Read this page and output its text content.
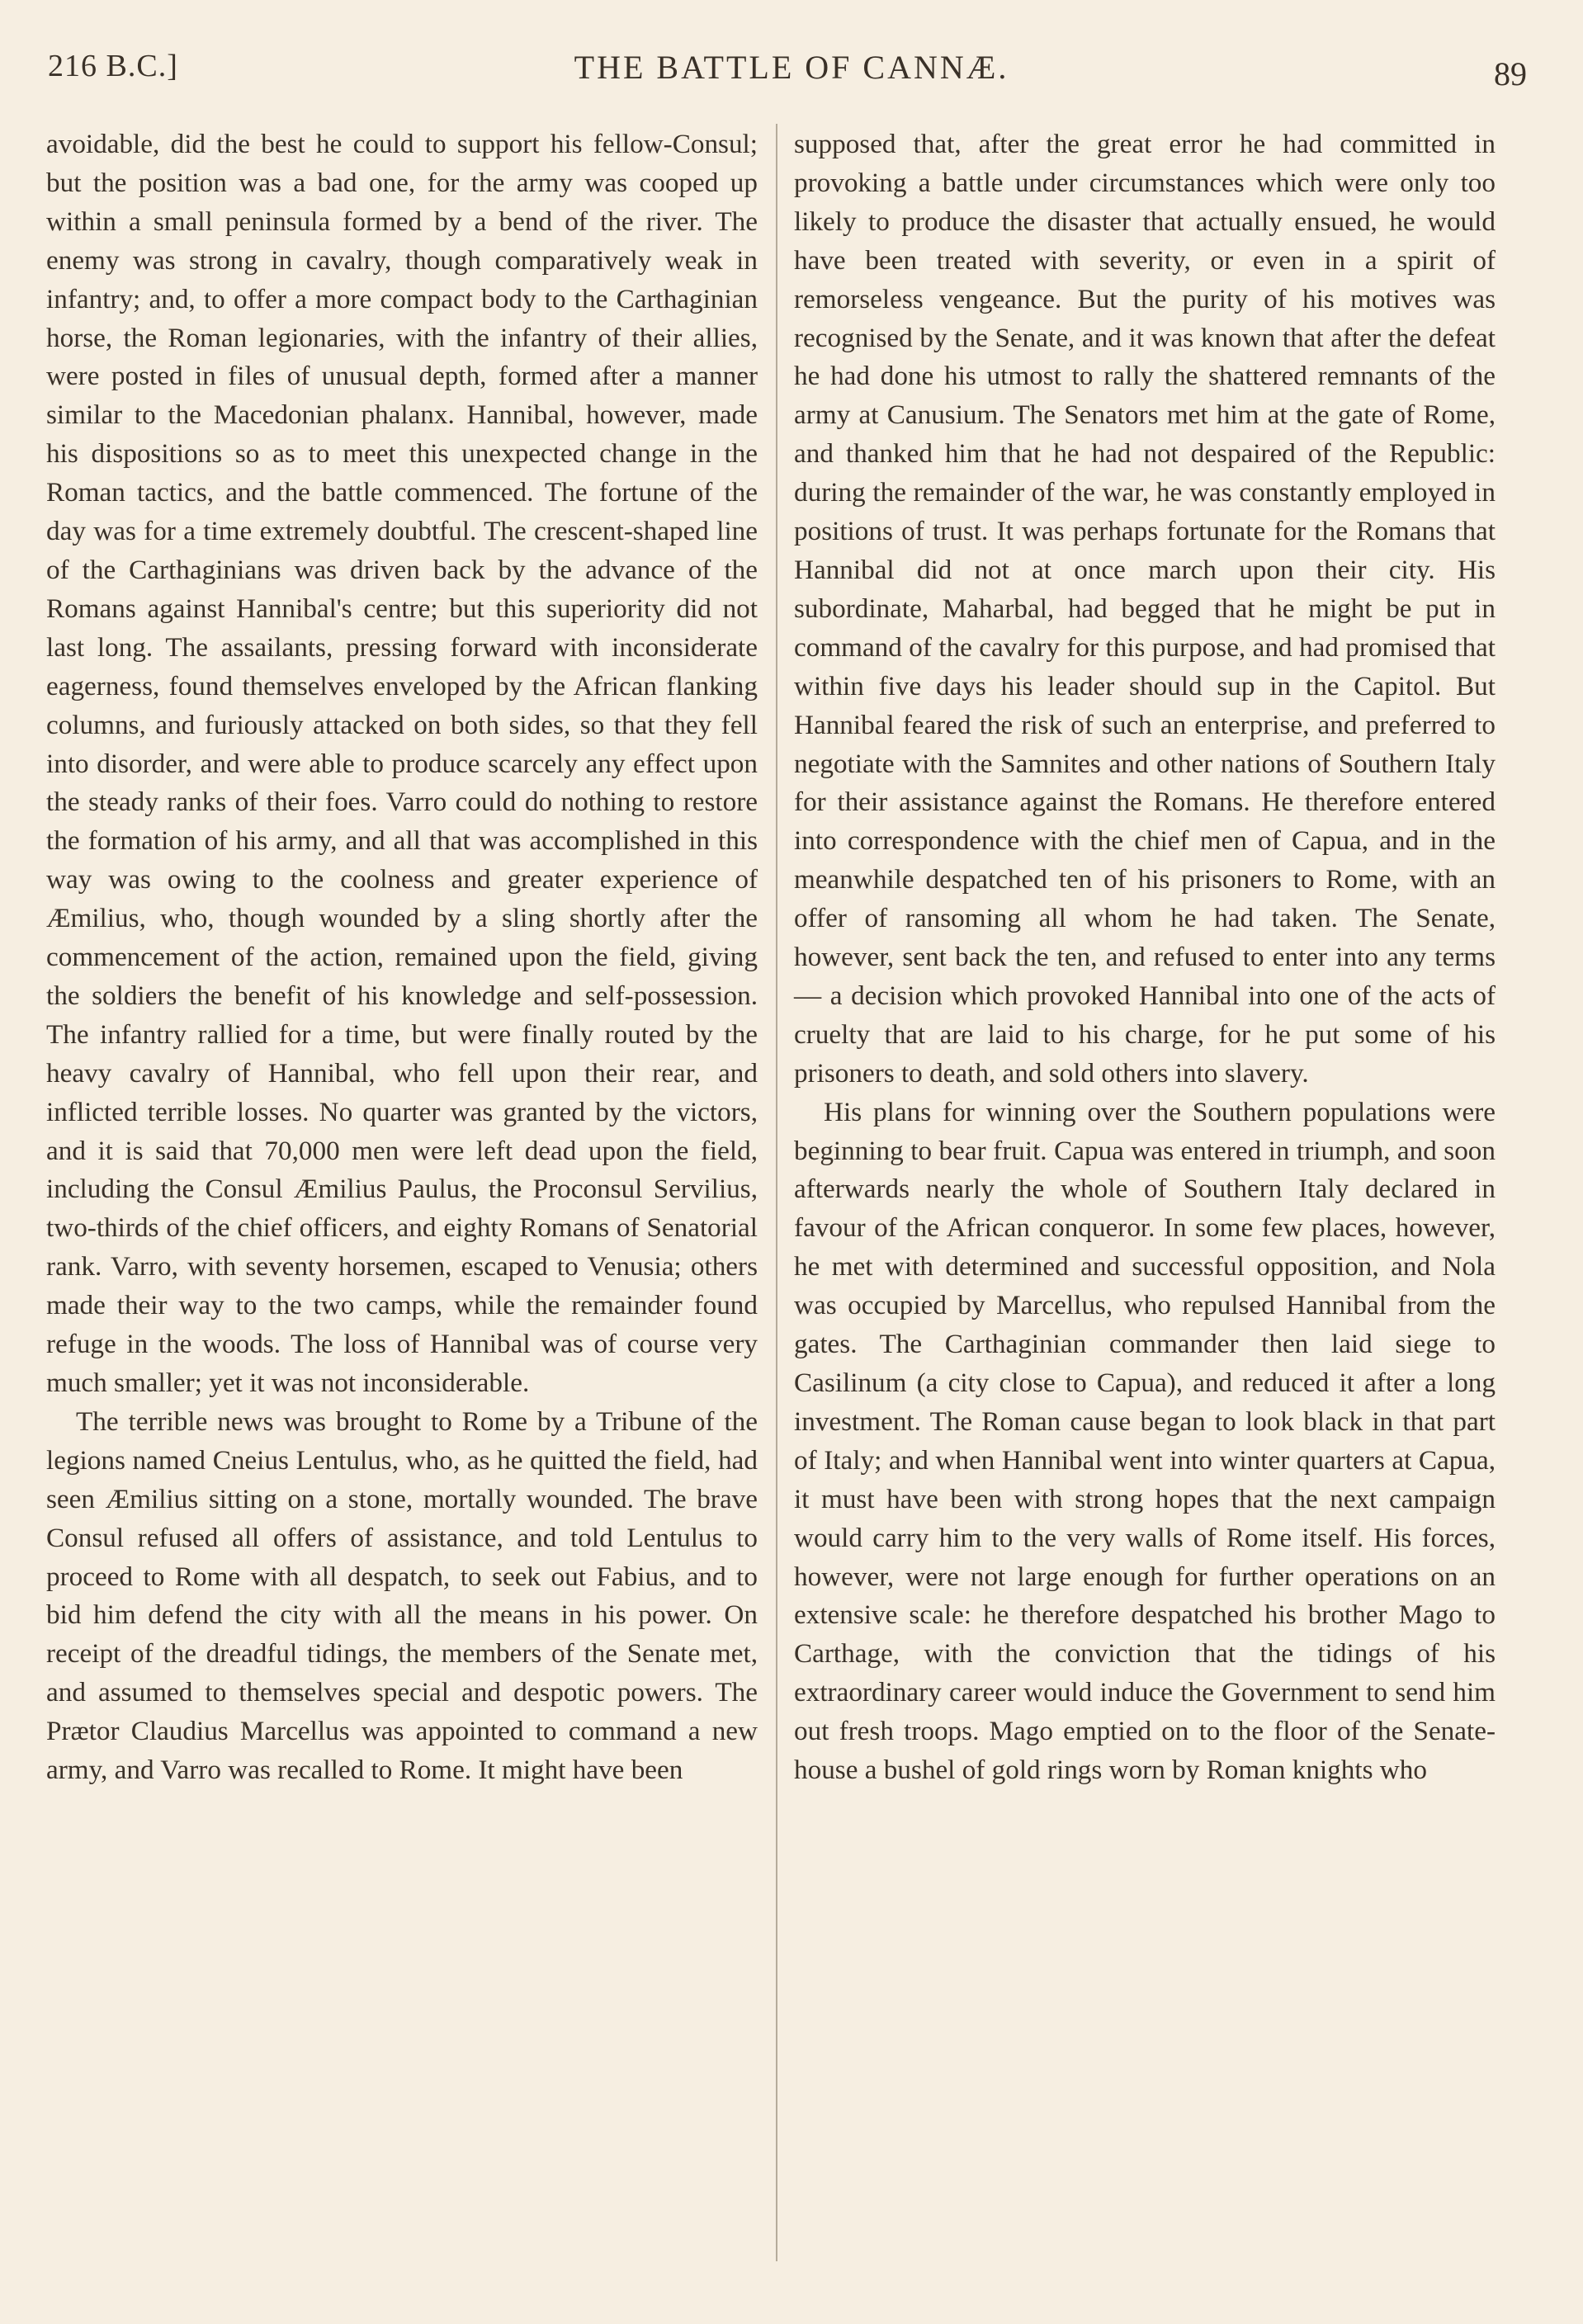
216 B.C.]	THE BATTLE OF CANNÆ.	89

avoidable, did the best he could to support his fellow-Consul; but the position was a bad one, for the army was cooped up within a small peninsula formed by a bend of the river. The enemy was strong in cavalry, though comparatively weak in infantry; and, to offer a more compact body to the Carthaginian horse, the Roman legionaries, with the infantry of their allies, were posted in files of unusual depth, formed after a manner similar to the Macedonian phalanx. Hannibal, however, made his dispositions so as to meet this unexpected change in the Roman tactics, and the battle commenced. The fortune of the day was for a time extremely doubtful. The crescent-shaped line of the Carthaginians was driven back by the advance of the Romans against Hannibal's centre; but this superiority did not last long. The assailants, pressing forward with inconsiderate eagerness, found themselves enveloped by the African flanking columns, and furiously attacked on both sides, so that they fell into disorder, and were able to produce scarcely any effect upon the steady ranks of their foes. Varro could do nothing to restore the formation of his army, and all that was accomplished in this way was owing to the coolness and greater experience of Æmilius, who, though wounded by a sling shortly after the commencement of the action, remained upon the field, giving the soldiers the benefit of his knowledge and self-possession. The infantry rallied for a time, but were finally routed by the heavy cavalry of Hannibal, who fell upon their rear, and inflicted terrible losses. No quarter was granted by the victors, and it is said that 70,000 men were left dead upon the field, including the Consul Æmilius Paulus, the Proconsul Servilius, two-thirds of the chief officers, and eighty Romans of Senatorial rank. Varro, with seventy horsemen, escaped to Venusia; others made their way to the two camps, while the remainder found refuge in the woods. The loss of Hannibal was of course very much smaller; yet it was not inconsiderable.

The terrible news was brought to Rome by a Tribune of the legions named Cneius Lentulus, who, as he quitted the field, had seen Æmilius sitting on a stone, mortally wounded. The brave Consul refused all offers of assistance, and told Lentulus to proceed to Rome with all despatch, to seek out Fabius, and to bid him defend the city with all the means in his power. On receipt of the dreadful tidings, the members of the Senate met, and assumed to themselves special and despotic powers. The Prætor Claudius Marcellus was appointed to command a new army, and Varro was recalled to Rome. It might have been

supposed that, after the great error he had committed in provoking a battle under circumstances which were only too likely to produce the disaster that actually ensued, he would have been treated with severity, or even in a spirit of remorseless vengeance. But the purity of his motives was recognised by the Senate, and it was known that after the defeat he had done his utmost to rally the shattered remnants of the army at Canusium. The Senators met him at the gate of Rome, and thanked him that he had not despaired of the Republic: during the remainder of the war, he was constantly employed in positions of trust. It was perhaps fortunate for the Romans that Hannibal did not at once march upon their city. His subordinate, Maharbal, had begged that he might be put in command of the cavalry for this purpose, and had promised that within five days his leader should sup in the Capitol. But Hannibal feared the risk of such an enterprise, and preferred to negotiate with the Samnites and other nations of Southern Italy for their assistance against the Romans. He therefore entered into correspondence with the chief men of Capua, and in the meanwhile despatched ten of his prisoners to Rome, with an offer of ransoming all whom he had taken. The Senate, however, sent back the ten, and refused to enter into any terms — a decision which provoked Hannibal into one of the acts of cruelty that are laid to his charge, for he put some of his prisoners to death, and sold others into slavery.

His plans for winning over the Southern populations were beginning to bear fruit. Capua was entered in triumph, and soon afterwards nearly the whole of Southern Italy declared in favour of the African conqueror. In some few places, however, he met with determined and successful opposition, and Nola was occupied by Marcellus, who repulsed Hannibal from the gates. The Carthaginian commander then laid siege to Casilinum (a city close to Capua), and reduced it after a long investment. The Roman cause began to look black in that part of Italy; and when Hannibal went into winter quarters at Capua, it must have been with strong hopes that the next campaign would carry him to the very walls of Rome itself. His forces, however, were not large enough for further operations on an extensive scale: he therefore despatched his brother Mago to Carthage, with the conviction that the tidings of his extraordinary career would induce the Government to send him out fresh troops. Mago emptied on to the floor of the Senate-house a bushel of gold rings worn by Roman knights who
